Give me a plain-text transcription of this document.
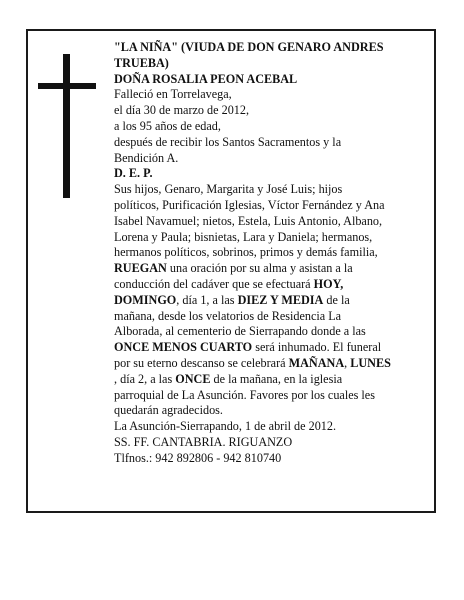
"LA NIÑA" (VIUDA DE DON GENARO ANDRES

TRUEBA)

DOÑA ROSALIA PEON ACEBAL

Falleció en Torrelavega,

el día 30 de marzo de 2012,

a los 95 años de edad,

después de recibir los Santos Sacramentos y la

Bendición A.

D. E. P.

Sus hijos, Genaro, Margarita y José Luis; hijos

políticos, Purificación Iglesias, Víctor Fernández y Ana

Isabel Navamuel; nietos, Estela, Luis Antonio, Albano,

Lorena y Paula; bisnietas, Lara y Daniela; hermanos,

hermanos políticos, sobrinos, primos y demás familia,

RUEGAN una oración por su alma y asistan a la

conducción del cadáver que se efectuará HOY,

DOMINGO, día 1, a las DIEZ Y MEDIA de la

mañana, desde los velatorios de Residencia La

Alborada, al cementerio de Sierrapando donde a las

ONCE MENOS CUARTO será inhumado. El funeral

por su eterno descanso se celebrará MAÑANA, LUNES

, día 2, a las ONCE de la mañana, en la iglesia

parroquial de La Asunción. Favores por los cuales les

quedarán agradecidos.

La Asunción-Sierrapando, 1 de abril de 2012.

SS. FF. CANTABRIA. RIGUANZO

Tlfnos.: 942 892806 - 942 810740
